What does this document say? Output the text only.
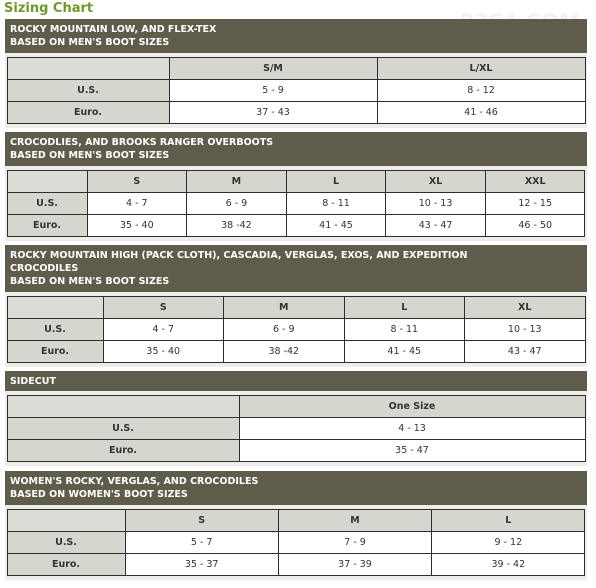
Sizing Chart
ROCKY MOUNTAIN LOW, AND FLEX-TEX
BASED ON MEN'S BOOT SIZES
	S/M	L/XL
U.S.	5 - 9	8 - 12
Euro.	37 - 43	41 - 46
CROCODLIES, AND BROOKS RANGER OVERBOOTS
BASED ON MEN'S BOOT SIZES
	S	M	L	XL	XXL
U.S.	4 - 7	6 - 9	8 - 11	10 - 13	12 - 15
Euro.	35 - 40	38 -42	41 - 45	43 - 47	46 - 50
ROCKY MOUNTAIN HIGH (PACK CLOTH), CASCADIA, VERGLAS, EXOS, AND EXPEDITION
CROCODILES
BASED ON MEN'S BOOT SIZES
	S	M	L	XL
U.S.	4 - 7	6 - 9	8 - 11	10 - 13
Euro.	35 - 40	38 -42	41 - 45	43 - 47
SIDECUT
	One Size
U.S.	4 - 13
Euro.	35 - 47
WOMEN'S ROCKY, VERGLAS, AND CROCODILES
BASED ON WOMEN'S BOOT SIZES
	S	M	L
U.S.	5 - 7	7 - 9	9 - 12
Euro.	35 - 37	37 - 39	39 - 42
